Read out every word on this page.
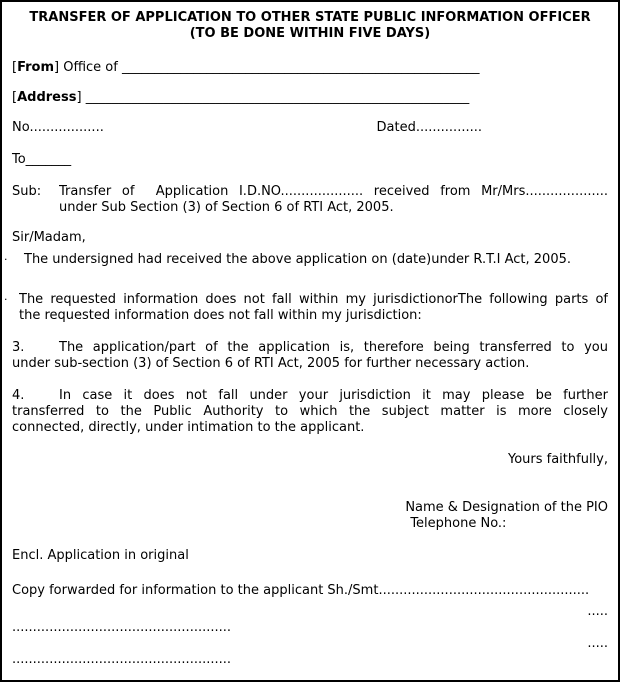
TRANSFER OF APPLICATION TO OTHER STATE PUBLIC INFORMATION OFFICER
(TO BE DONE WITHIN FIVE DAYS)
[From] Office of _______________________________________________________
[Address] ___________________________________________________________
No..................	Dated................
To_______
Sub:	Transfer of  Application I.D.NO.................... received from Mr/Mrs....................
under Sub Section (3) of Section 6 of RTI Act, 2005.
Sir/Madam,
·	The undersigned had received the above application on (date)under R.T.I Act, 2005.
· The requested information does not fall within my jurisdictionorThe following parts of
the requested information does not fall within my jurisdiction:
3.	The application/part of the application is, therefore being transferred to you
under sub-section (3) of Section 6 of RTI Act, 2005 for further necessary action.
4.	In case it does not fall under your jurisdiction it may please be further
transferred to the Public Authority to which the subject matter is more closely
connected, directly, under intimation to the applicant.
Yours faithfully,
Name & Designation of the PIO
Telephone No.:
Encl. Application in original
Copy forwarded for information to the applicant Sh./Smt...................................................
.....
.....................................................
.....
.....................................................
